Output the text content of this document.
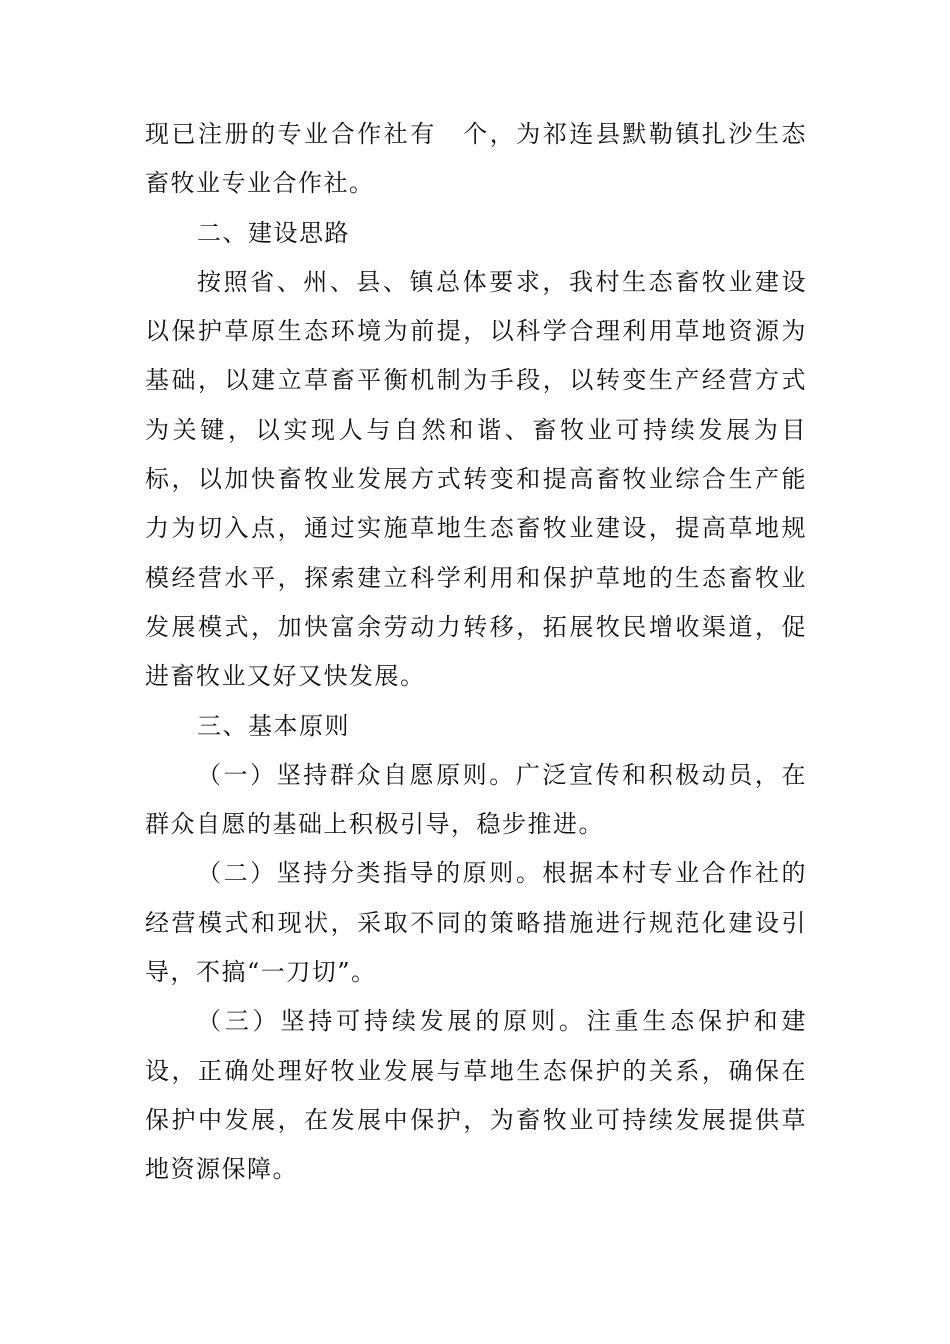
现已注册的专业合作社有　个，为祁连县默勒镇扎沙生态畜牧业专业合作社。

二、建设思路

按照省、州、县、镇总体要求，我村生态畜牧业建设以保护草原生态环境为前提，以科学合理利用草地资源为基础，以建立草畜平衡机制为手段，以转变生产经营方式为关键，以实现人与自然和谐、畜牧业可持续发展为目标，以加快畜牧业发展方式转变和提高畜牧业综合生产能力为切入点，通过实施草地生态畜牧业建设，提高草地规模经营水平，探索建立科学利用和保护草地的生态畜牧业发展模式，加快富余劳动力转移，拓展牧民增收渠道，促进畜牧业又好又快发展。

三、基本原则

（一）坚持群众自愿原则。广泛宣传和积极动员，在群众自愿的基础上积极引导，稳步推进。

（二）坚持分类指导的原则。根据本村专业合作社的经营模式和现状，采取不同的策略措施进行规范化建设引导，不搞“一刀切”。

（三）坚持可持续发展的原则。注重生态保护和建设，正确处理好牧业发展与草地生态保护的关系，确保在保护中发展，在发展中保护，为畜牧业可持续发展提供草地资源保障。
